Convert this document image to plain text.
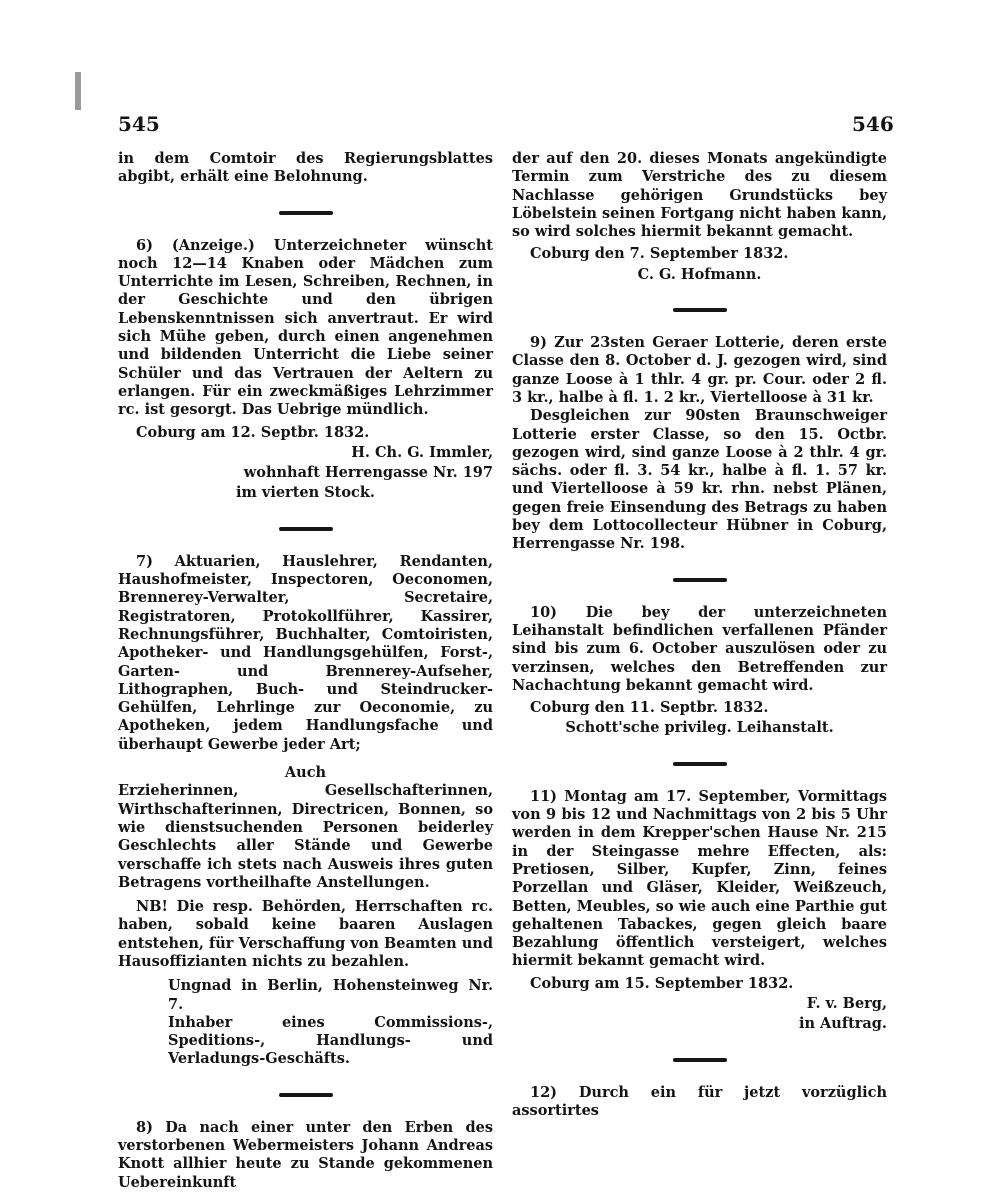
545	546

in dem Comtoir des Regierungsblattes abgibt, erhält eine Belohnung.

6) (Anzeige.) Unterzeichneter wünscht noch 12—14 Knaben oder Mädchen zum Unterrichte im Lesen, Schreiben, Rechnen, in der Geschichte und den übrigen Lebenskenntnissen sich anvertraut. Er wird sich Mühe geben, durch einen angenehmen und bildenden Unterricht die Liebe seiner Schüler und das Vertrauen der Aeltern zu erlangen. Für ein zweckmäßiges Lehrzimmer rc. ist gesorgt. Das Uebrige mündlich.

Coburg am 12. Septbr. 1832.

H. Ch. G. Immler,

wohnhaft Herrengasse Nr. 197

im vierten Stock.

7) Aktuarien, Hauslehrer, Rendanten, Haushofmeister, Inspectoren, Oeconomen, Brennerey-Verwalter, Secretaire, Registratoren, Protokollführer, Kassirer, Rechnungsführer, Buchhalter, Comtoiristen, Apotheker- und Handlungsgehülfen, Forst-, Garten- und Brennerey-Aufseher, Lithographen, Buch- und Steindrucker-Gehülfen, Lehrlinge zur Oeconomie, zu Apotheken, jedem Handlungsfache und überhaupt Gewerbe jeder Art;

Auch

Erzieherinnen, Gesellschafterinnen, Wirthschafterinnen, Directricen, Bonnen, so wie dienstsuchenden Personen beiderley Geschlechts aller Stände und Gewerbe verschaffe ich stets nach Ausweis ihres guten Betragens vortheilhafte Anstellungen.

NB! Die resp. Behörden, Herrschaften rc. haben, sobald keine baaren Auslagen entstehen, für Verschaffung von Beamten und Hausoffizianten nichts zu bezahlen.

Ungnad in Berlin, Hohensteinweg Nr. 7.

Inhaber eines Commissions-, Speditions-, Handlungs- und Verladungs-Geschäfts.

8) Da nach einer unter den Erben des verstorbenen Webermeisters Johann Andreas Knott allhier heute zu Stande gekommenen Uebereinkunft

der auf den 20. dieses Monats angekündigte Termin zum Verstriche des zu diesem Nachlasse gehörigen Grundstücks bey Löbelstein seinen Fortgang nicht haben kann, so wird solches hiermit bekannt gemacht.

Coburg den 7. September 1832.

C. G. Hofmann.

9) Zur 23sten Geraer Lotterie, deren erste Classe den 8. October d. J. gezogen wird, sind ganze Loose à 1 thlr. 4 gr. pr. Cour. oder 2 fl. 3 kr., halbe à fl. 1. 2 kr., Viertelloose à 31 kr.

Desgleichen zur 90sten Braunschweiger Lotterie erster Classe, so den 15. Octbr. gezogen wird, sind ganze Loose à 2 thlr. 4 gr. sächs. oder fl. 3. 54 kr., halbe à fl. 1. 57 kr. und Viertelloose à 59 kr. rhn. nebst Plänen, gegen freie Einsendung des Betrags zu haben bey dem Lottocollecteur Hübner in Coburg, Herrengasse Nr. 198.

10) Die bey der unterzeichneten Leihanstalt befindlichen verfallenen Pfänder sind bis zum 6. October auszulösen oder zu verzinsen, welches den Betreffenden zur Nachachtung bekannt gemacht wird.

Coburg den 11. Septbr. 1832.

Schott'sche privileg. Leihanstalt.

11) Montag am 17. September, Vormittags von 9 bis 12 und Nachmittags von 2 bis 5 Uhr werden in dem Krepper'schen Hause Nr. 215 in der Steingasse mehre Effecten, als: Pretiosen, Silber, Kupfer, Zinn, feines Porzellan und Gläser, Kleider, Weißzeuch, Betten, Meubles, so wie auch eine Parthie gut gehaltenen Tabackes, gegen gleich baare Bezahlung öffentlich versteigert, welches hiermit bekannt gemacht wird.

Coburg am 15. September 1832.

F. v. Berg,

in Auftrag.

12) Durch ein für jetzt vorzüglich assortirtes
